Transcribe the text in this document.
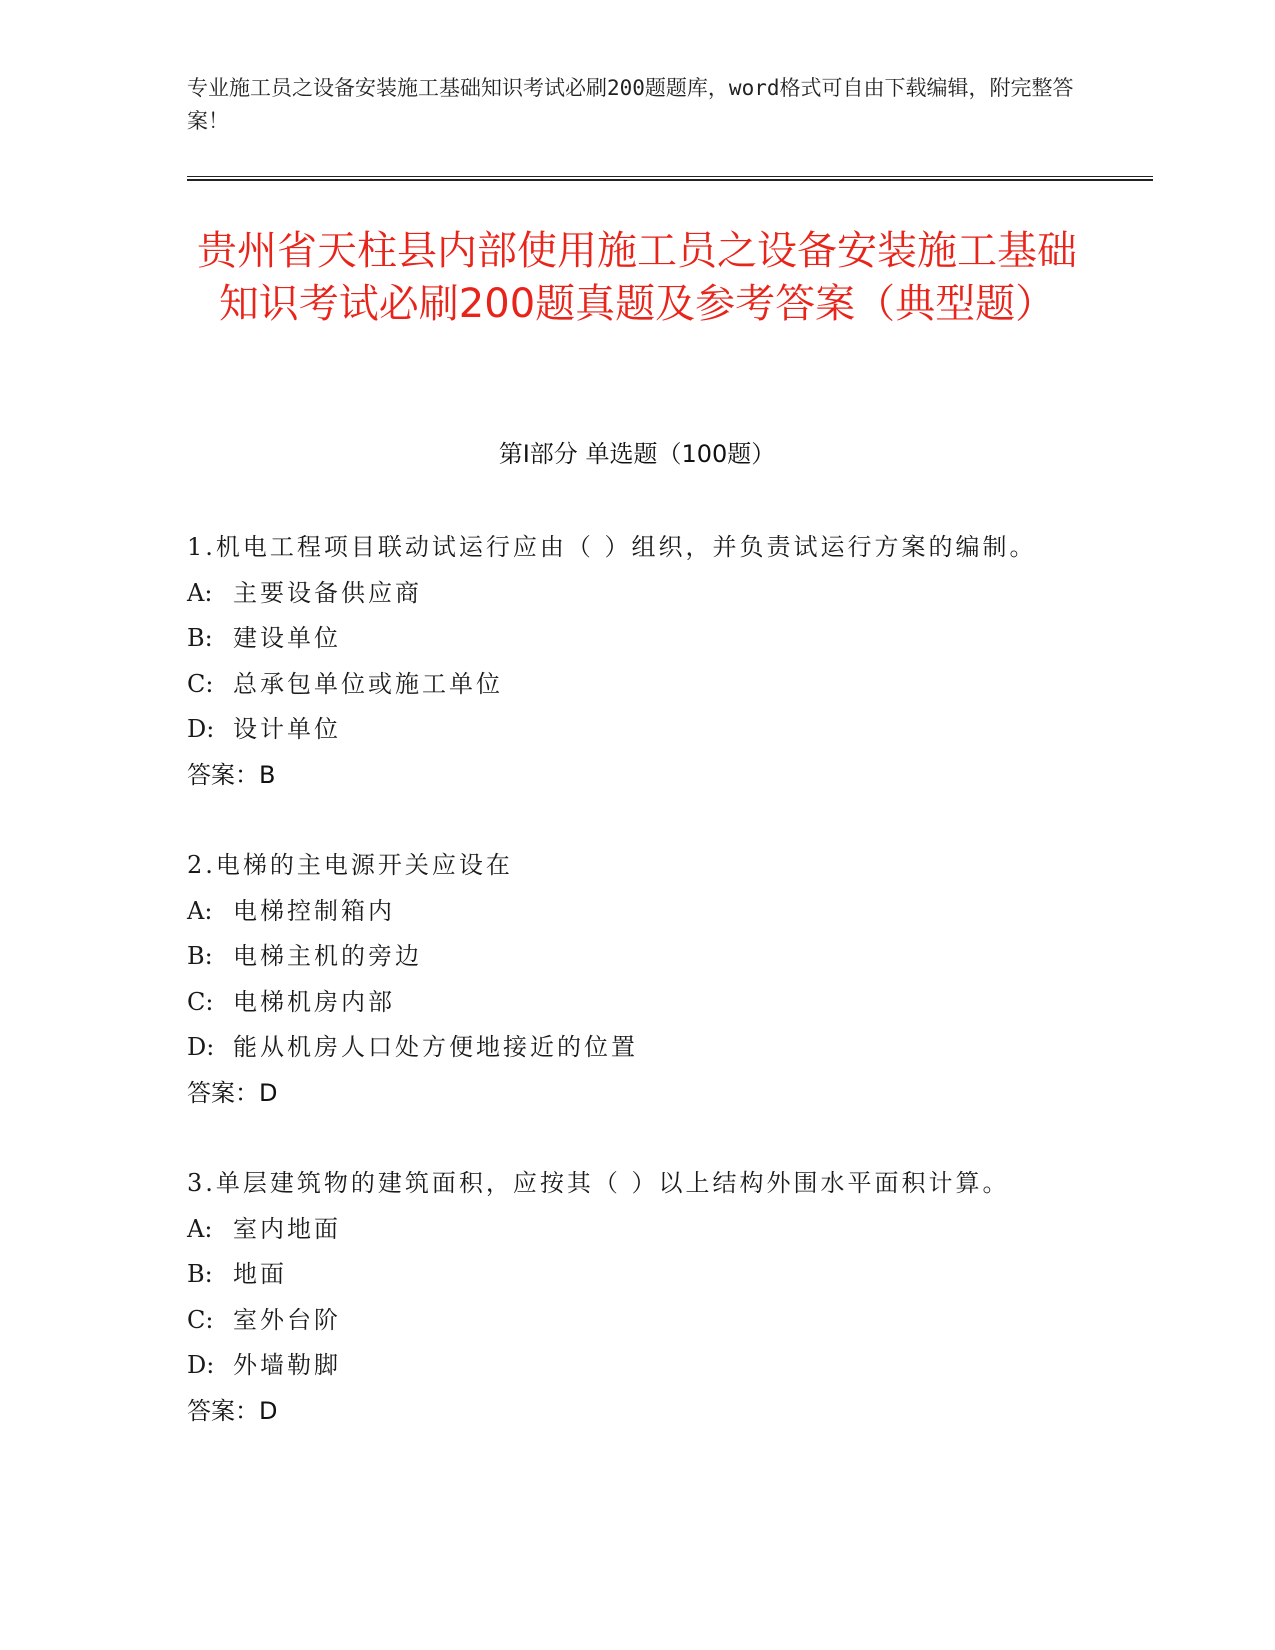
专业施工员之设备安装施工基础知识考试必刷200题题库，word格式可自由下载编辑，附完整答案！
贵州省天柱县内部使用施工员之设备安装施工基础知识考试必刷200题真题及参考答案（典型题）
第I部分 单选题（100题）
1.机电工程项目联动试运行应由（ ）组织，并负责试运行方案的编制。
A: 主要设备供应商
B: 建设单位
C: 总承包单位或施工单位
D: 设计单位
答案：B
2.电梯的主电源开关应设在
A: 电梯控制箱内
B: 电梯主机的旁边
C: 电梯机房内部
D: 能从机房人口处方便地接近的位置
答案：D
3.单层建筑物的建筑面积，应按其（ ）以上结构外围水平面积计算。
A: 室内地面
B: 地面
C: 室外台阶
D: 外墙勒脚
答案：D
